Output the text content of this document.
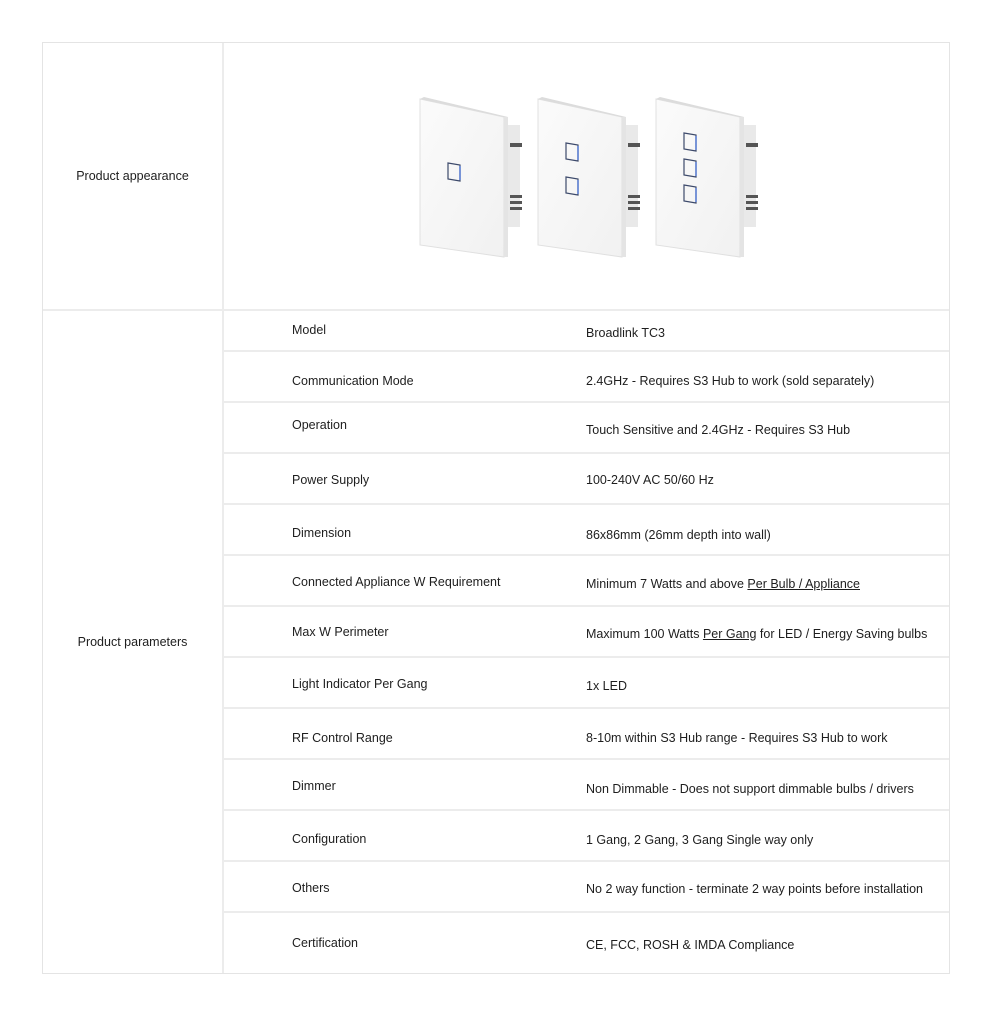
Product appearance
Product parameters
Model	Broadlink TC3
Communication Mode	2.4GHz - Requires S3 Hub to work (sold separately)
Operation	Touch Sensitive and 2.4GHz - Requires S3 Hub
Power Supply	100-240V AC 50/60 Hz
Dimension	86x86mm (26mm depth into wall)
Connected Appliance W Requirement	Minimum 7 Watts and above Per Bulb / Appliance
Max W Perimeter	Maximum 100 Watts Per Gang for LED / Energy Saving bulbs
Light Indicator Per Gang	1x LED
RF Control Range	8-10m within S3 Hub range - Requires S3 Hub to work
Dimmer	Non Dimmable - Does not support dimmable bulbs / drivers
Configuration	1 Gang, 2 Gang, 3 Gang Single way only
Others	No 2 way function - terminate 2 way points before installation
Certification	CE, FCC, ROSH & IMDA Compliance
